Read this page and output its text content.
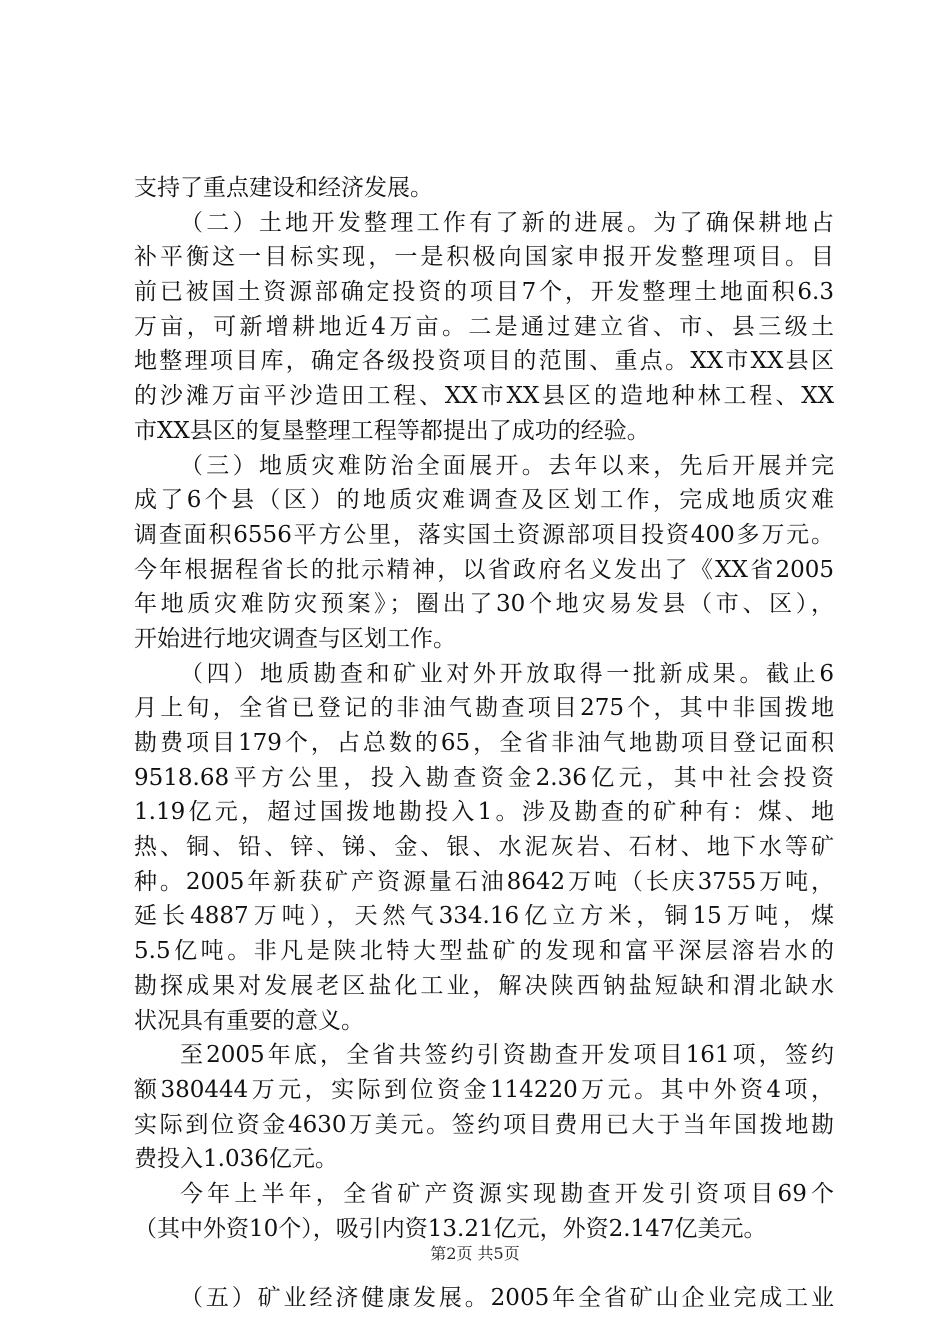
支持了重点建设和经济发展。
（二）土地开发整理工作有了新的进展。为了确保耕地占
补平衡这一目标实现，一是积极向国家申报开发整理项目。目
前已被国土资源部确定投资的项目7个，开发整理土地面积6.3
万亩，可新增耕地近4万亩。二是通过建立省、市、县三级土
地整理项目库，确定各级投资项目的范围、重点。XX市XX县区
的沙滩万亩平沙造田工程、XX市XX县区的造地种林工程、XX
市XX县区的复垦整理工程等都提出了成功的经验。
（三）地质灾难防治全面展开。去年以来，先后开展并完
成了6个县（区）的地质灾难调查及区划工作，完成地质灾难
调查面积6556平方公里，落实国土资源部项目投资400多万元。
今年根据程省长的批示精神，以省政府名义发出了《XX省2005
年地质灾难防灾预案》；圈出了30个地灾易发县（市、区），
开始进行地灾调查与区划工作。
（四）地质勘查和矿业对外开放取得一批新成果。截止6
月上旬，全省已登记的非油气勘查项目275个，其中非国拨地
勘费项目179个，占总数的65，全省非油气地勘项目登记面积
9518.68平方公里，投入勘查资金2.36亿元，其中社会投资
1.19亿元，超过国拨地勘投入1。涉及勘查的矿种有：煤、地
热、铜、铅、锌、锑、金、银、水泥灰岩、石材、地下水等矿
种。2005年新获矿产资源量石油8642万吨（长庆3755万吨，
延长4887万吨），天然气334.16亿立方米，铜15万吨，煤
5.5亿吨。非凡是陕北特大型盐矿的发现和富平深层溶岩水的
勘探成果对发展老区盐化工业，解决陕西钠盐短缺和渭北缺水
状况具有重要的意义。
至2005年底，全省共签约引资勘查开发项目161项，签约
额380444万元，实际到位资金114220万元。其中外资4项，
实际到位资金4630万美元。签约项目费用已大于当年国拨地勘
费投入1.036亿元。
今年上半年，全省矿产资源实现勘查开发引资项目69个
（其中外资10个），吸引内资13.21亿元，外资2.147亿美元。
（五）矿业经济健康发展。2005年全省矿山企业完成工业
第2页 共5页
